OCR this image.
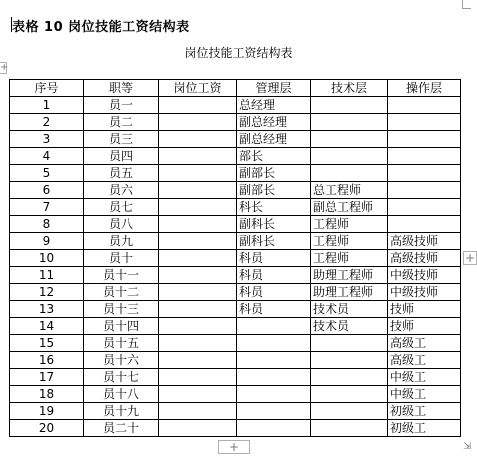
表格 10 岗位技能工资结构表
岗位技能工资结构表
+
序号	职等	岗位工资	管理层	技术层	操作层
1	员一		总经理		
2	员二		副总经理		
3	员三		副总经理		
4	员四		部长		
5	员五		副部长		
6	员六		副部长	总工程师	
7	员七		科长	副总工程师	
8	员八		副科长	工程师	
9	员九		副科长	工程师	高级技师
10	员十		科员	工程师	高级技师
11	员十一		科员	助理工程师	中级技师
12	员十二		科员	助理工程师	中级技师
13	员十三		科员	技术员	技师
14	员十四			技术员	技师
15	员十五				高级工
16	员十六				高级工
17	员十七				中级工
18	员十八				中级工
19	员十九				初级工
20	员二十				初级工
+
+	⇲
